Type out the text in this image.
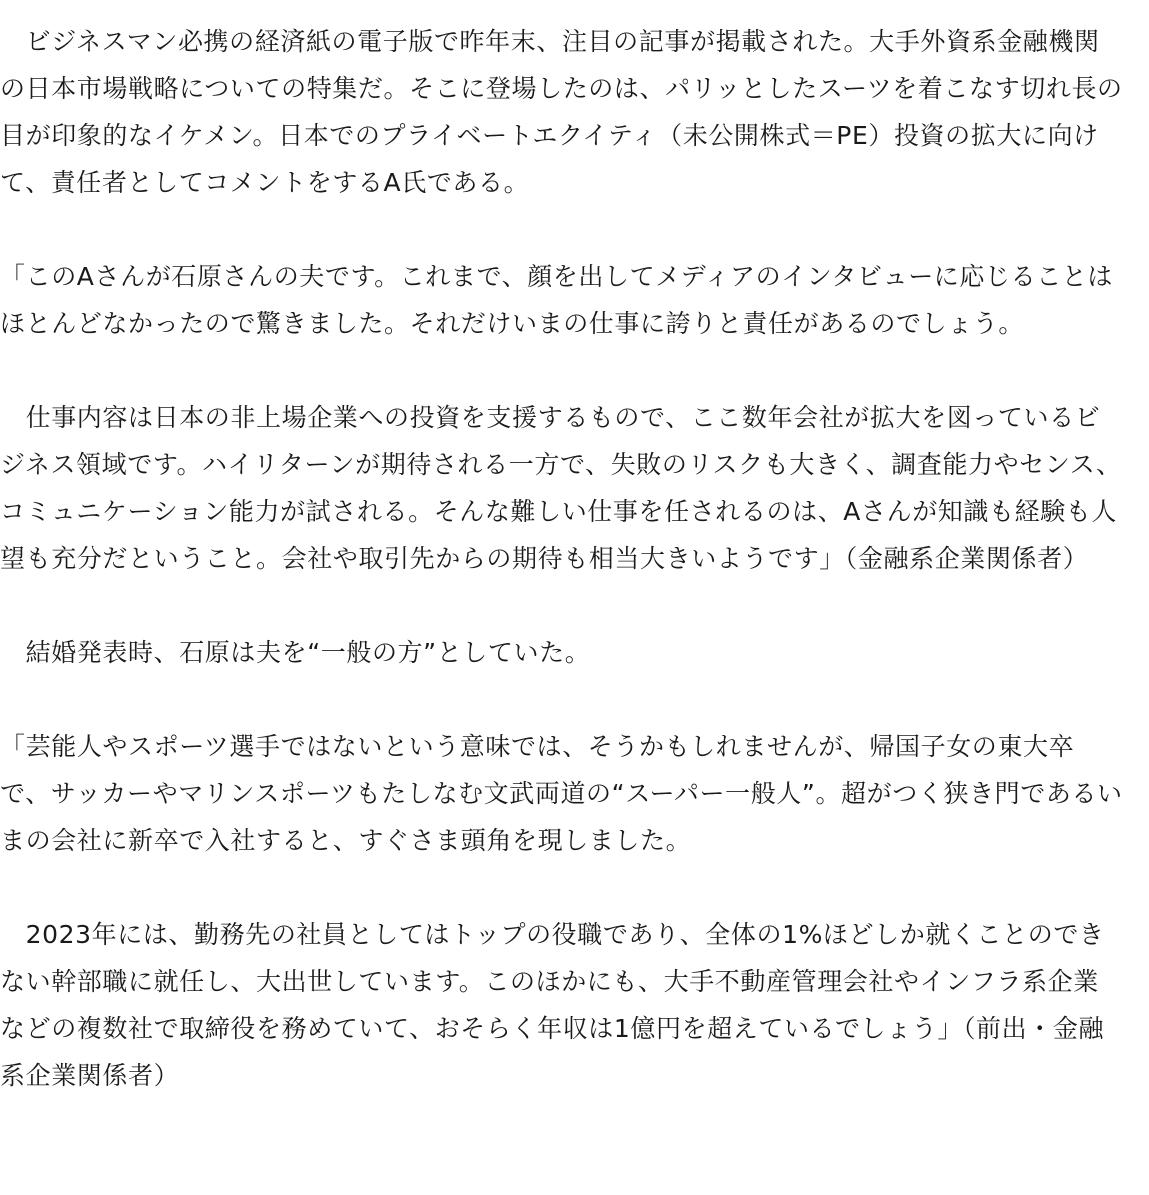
　ビジネスマン必携の経済紙の電子版で昨年末、注目の記事が掲載された。大手外資系金融機関の日本市場戦略についての特集だ。そこに登場したのは、パリッとしたスーツを着こなす切れ長の目が印象的なイケメン。日本でのプライベートエクイティ（未公開株式＝PE）投資の拡大に向けて、責任者としてコメントをするA氏である。

「このAさんが石原さんの夫です。これまで、顔を出してメディアのインタビューに応じることはほとんどなかったので驚きました。それだけいまの仕事に誇りと責任があるのでしょう。

　仕事内容は日本の非上場企業への投資を支援するもので、ここ数年会社が拡大を図っているビジネス領域です。ハイリターンが期待される一方で、失敗のリスクも大きく、調査能力やセンス、コミュニケーション能力が試される。そんな難しい仕事を任されるのは、Aさんが知識も経験も人望も充分だということ。会社や取引先からの期待も相当大きいようです」（金融系企業関係者）

　結婚発表時、石原は夫を“一般の方”としていた。

「芸能人やスポーツ選手ではないという意味では、そうかもしれませんが、帰国子女の東大卒で、サッカーやマリンスポーツもたしなむ文武両道の“スーパー一般人”。超がつく狭き門であるいまの会社に新卒で入社すると、すぐさま頭角を現しました。

　2023年には、勤務先の社員としてはトップの役職であり、全体の1%ほどしか就くことのできない幹部職に就任し、大出世しています。このほかにも、大手不動産管理会社やインフラ系企業などの複数社で取締役を務めていて、おそらく年収は1億円を超えているでしょう」（前出・金融系企業関係者）
